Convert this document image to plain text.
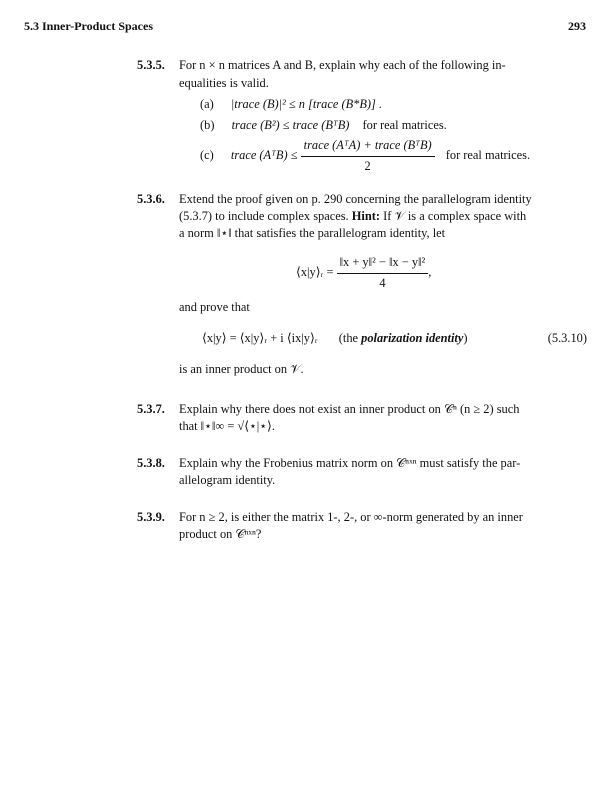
5.3 Inner-Product Spaces	293
5.3.5. For n × n matrices A and B, explain why each of the following in-
equalities is valid.
(a) |trace (B)|² ≤ n [trace (B*B)] .
(b) trace (B²) ≤ trace (BᵀB) for real matrices.
(c) trace (AᵀB) ≤ $\frac{\text{trace (AᵀA) + trace (BᵀB)}}{2}$ for real matrices.
5.3.6. Extend the proof given on p. 290 concerning the parallelogram identity
(5.3.7) to include complex spaces. Hint: If 𝒱 is a complex space with
a norm ‖⋆‖ that satisfies the parallelogram identity, let
⟨x|y⟩ᵣ = $\frac{\text{‖x + y‖² − ‖x − y‖²}}{4}$ ,
and prove that
⟨x|y⟩ = ⟨x|y⟩ᵣ + i ⟨ix|y⟩ᵣ (the polarization identity)	(5.3.10)
is an inner product on 𝒱.
5.3.7. Explain why there does not exist an inner product on 𝒞ⁿ (n ≥ 2) such
that ‖⋆‖∞ = √⟨⋆|⋆⟩.
5.3.8. Explain why the Frobenius matrix norm on 𝒞ⁿˣⁿ must satisfy the par-
allelogram identity.
5.3.9. For n ≥ 2, is either the matrix 1-, 2-, or ∞-norm generated by an inner
product on 𝒞ⁿˣⁿ?
